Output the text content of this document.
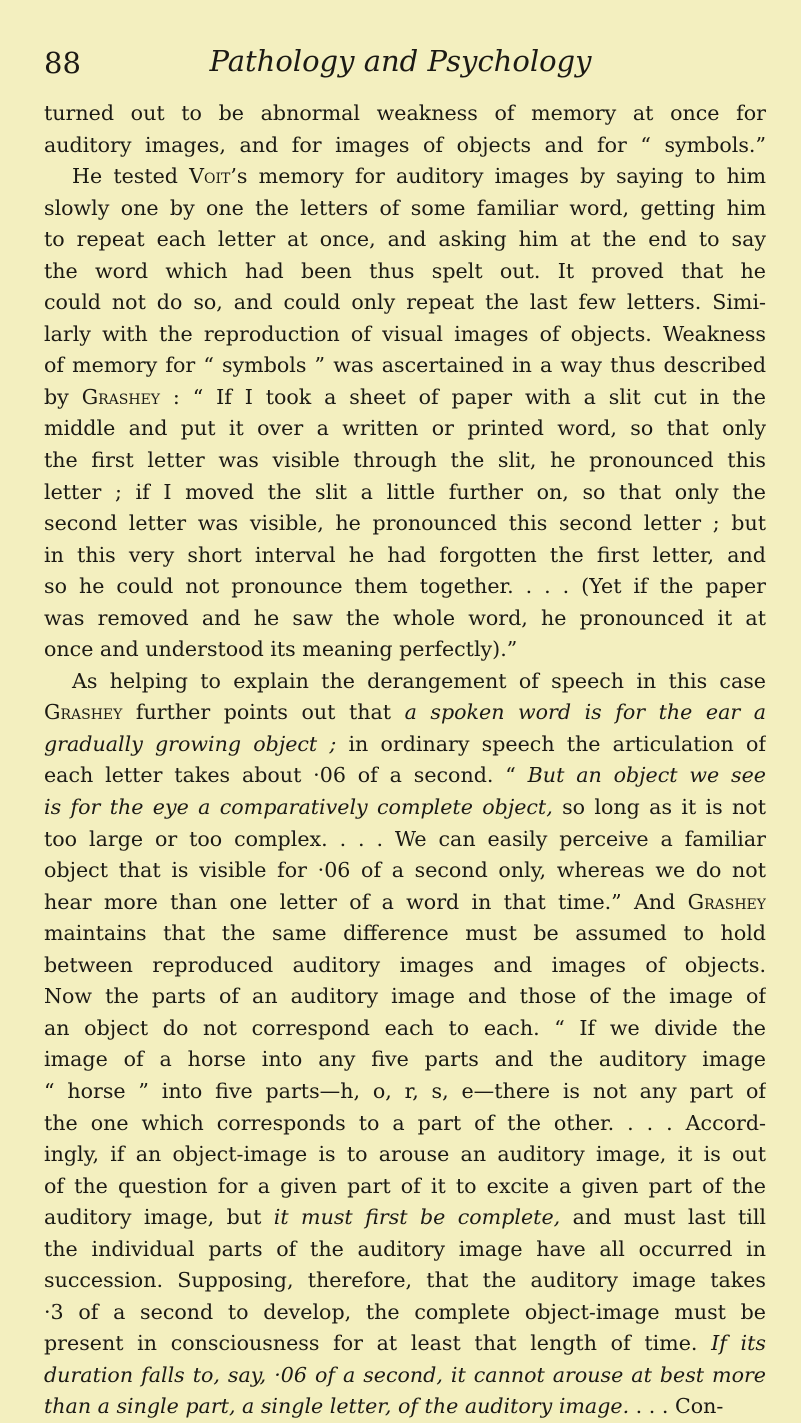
88	Pathology and Psychology
turned out to be abnormal weakness of memory at once for
auditory images, and for images of objects and for “ symbols.”
He tested Voit’s memory for auditory images by saying to him
slowly one by one the letters of some familiar word, getting him
to repeat each letter at once, and asking him at the end to say
the word which had been thus spelt out. It proved that he
could not do so, and could only repeat the last few letters. Simi-
larly with the reproduction of visual images of objects. Weakness
of memory for “ symbols ” was ascertained in a way thus described
by Grashey : “ If I took a sheet of paper with a slit cut in the
middle and put it over a written or printed word, so that only
the first letter was visible through the slit, he pronounced this
letter ; if I moved the slit a little further on, so that only the
second letter was visible, he pronounced this second letter ; but
in this very short interval he had forgotten the first letter, and
so he could not pronounce them together. . . . (Yet if the paper
was removed and he saw the whole word, he pronounced it at
once and understood its meaning perfectly).”
As helping to explain the derangement of speech in this case
Grashey further points out that a spoken word is for the ear a
gradually growing object ; in ordinary speech the articulation of
each letter takes about ·06 of a second. “ But an object we see
is for the eye a comparatively complete object, so long as it is not
too large or too complex. . . . We can easily perceive a familiar
object that is visible for ·06 of a second only, whereas we do not
hear more than one letter of a word in that time.” And Grashey
maintains that the same difference must be assumed to hold
between reproduced auditory images and images of objects.
Now the parts of an auditory image and those of the image of
an object do not correspond each to each. “ If we divide the
image of a horse into any five parts and the auditory image
“ horse ” into five parts—h, o, r, s, e—there is not any part of
the one which corresponds to a part of the other. . . . Accord-
ingly, if an object-image is to arouse an auditory image, it is out
of the question for a given part of it to excite a given part of the
auditory image, but it must first be complete, and must last till
the individual parts of the auditory image have all occurred in
succession. Supposing, therefore, that the auditory image takes
·3 of a second to develop, the complete object-image must be
present in consciousness for at least that length of time. If its
duration falls to, say, ·06 of a second, it cannot arouse at best more
than a single part, a single letter, of the auditory image. . . . Con-
